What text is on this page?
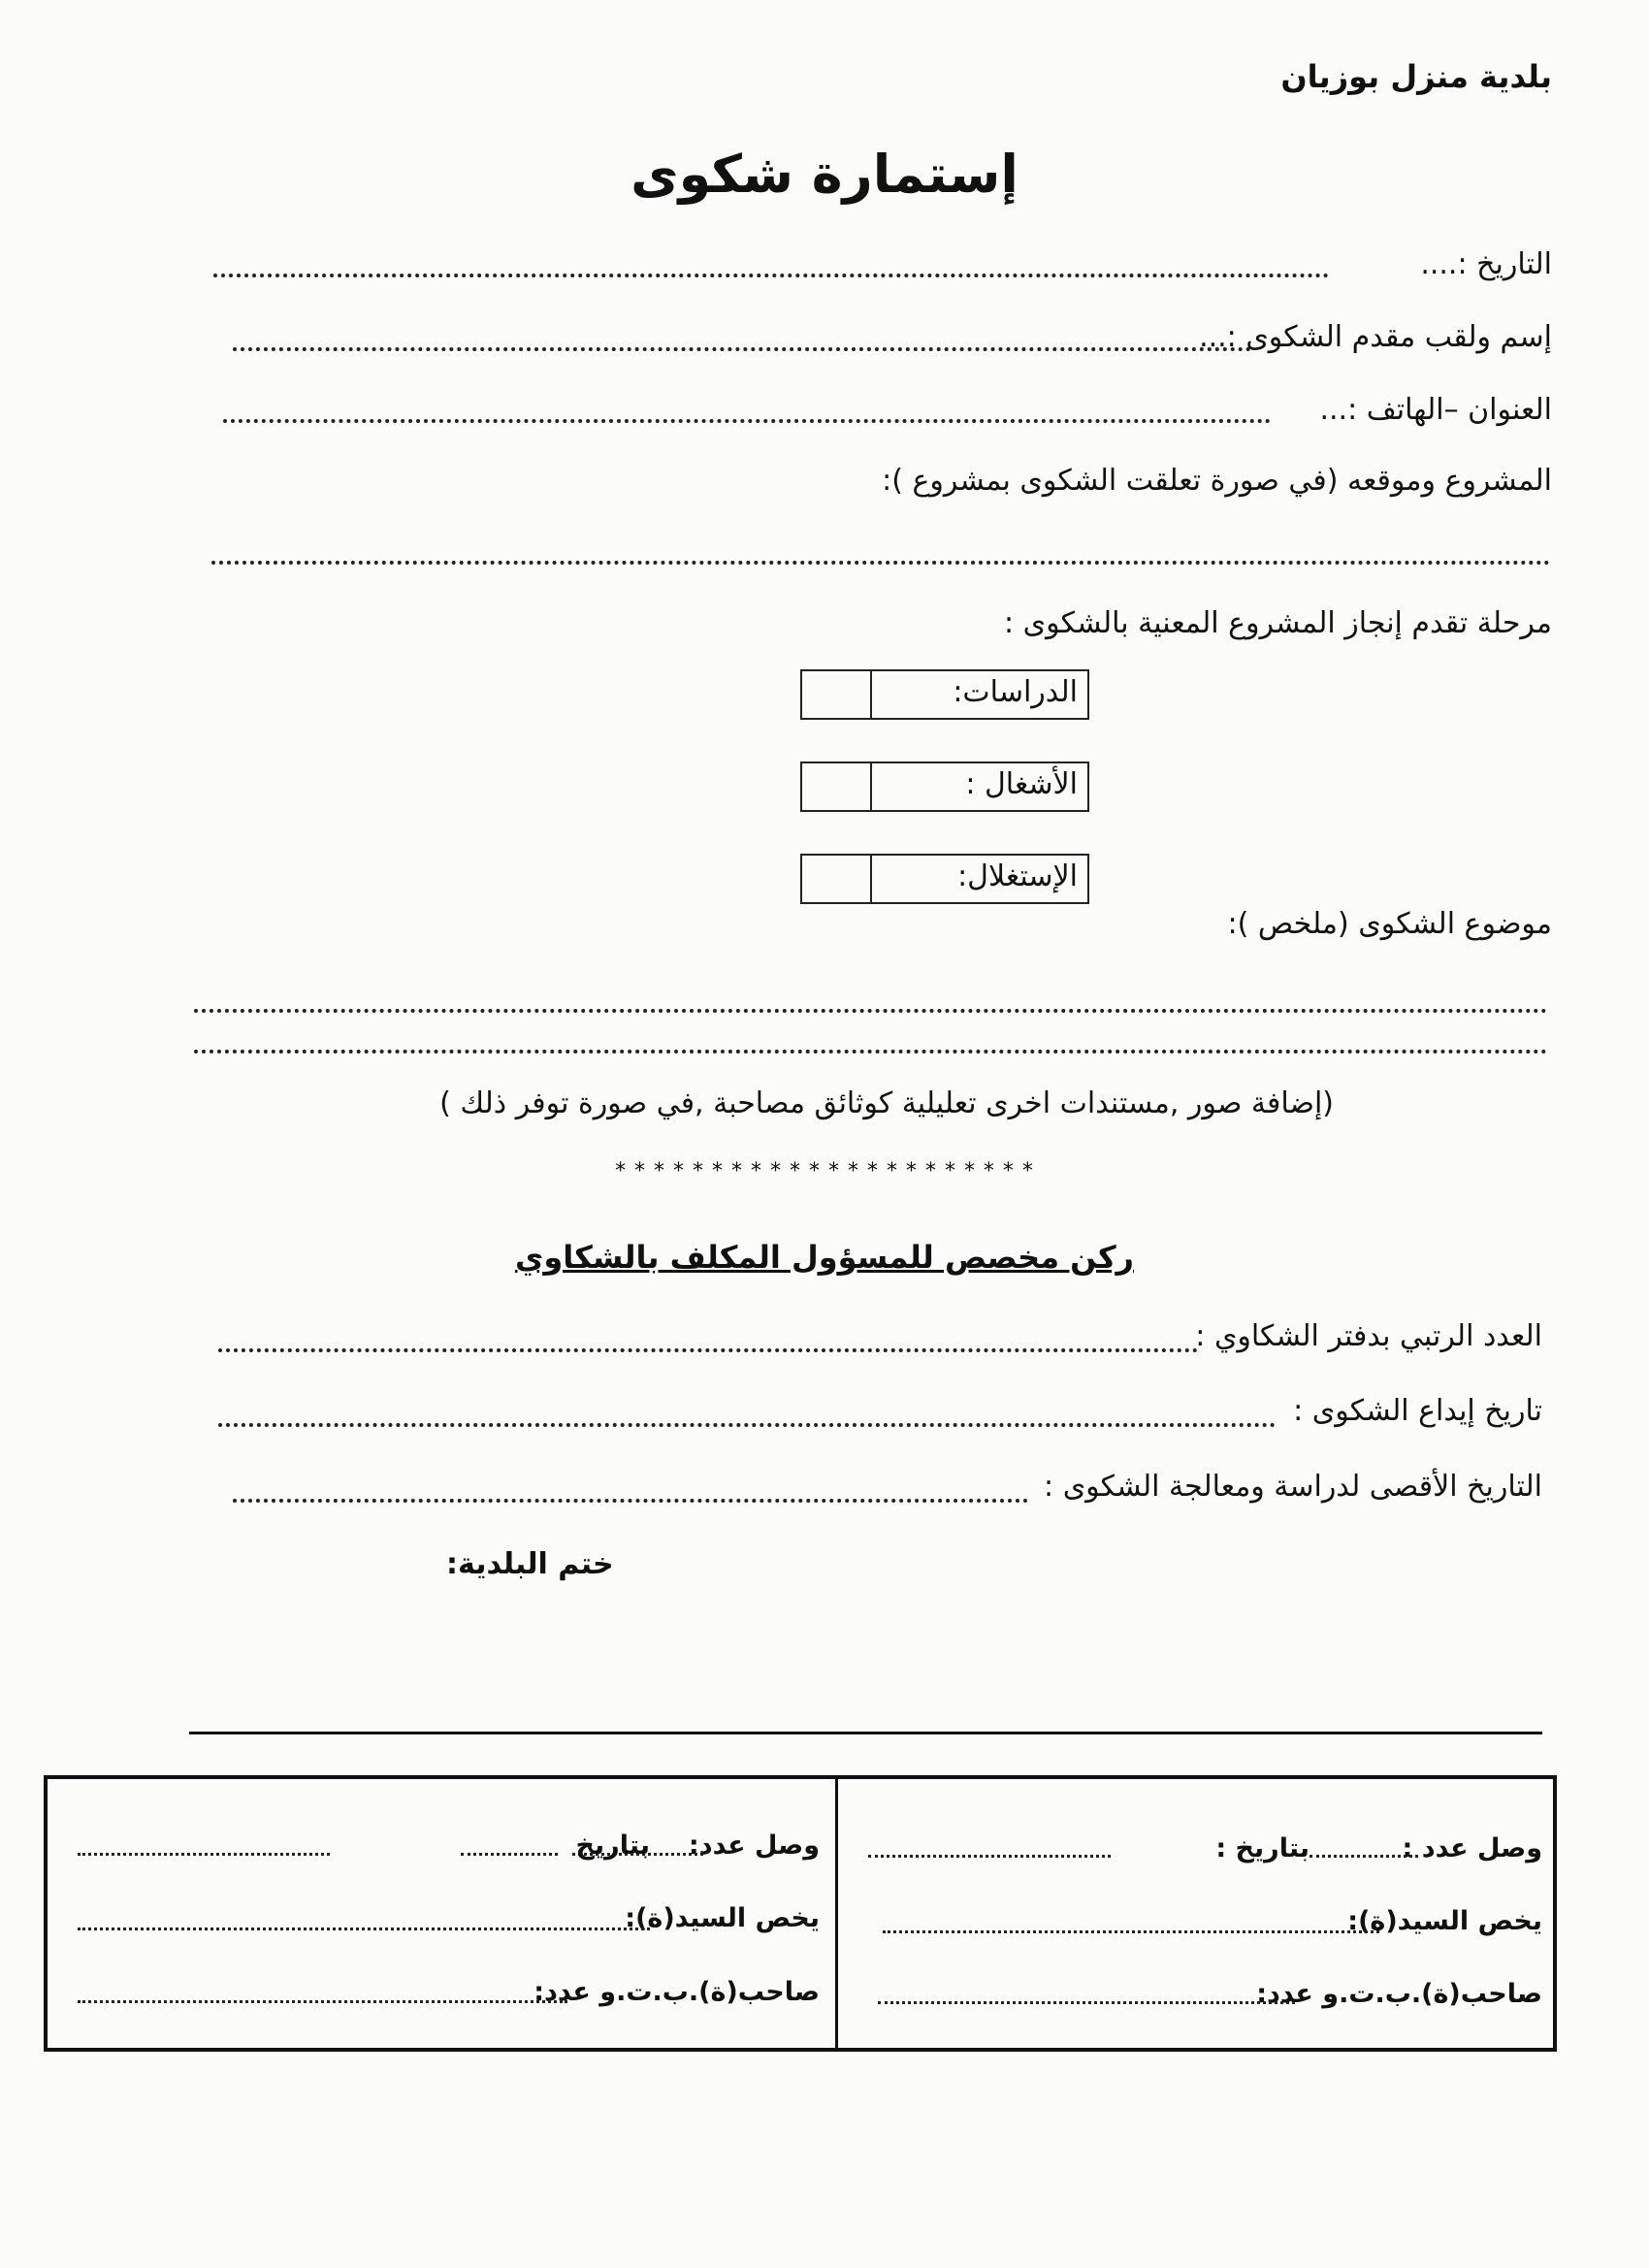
بلدية منزل بوزيان
إستمارة شكوى
التاريخ :....
إسم ولقب مقدم الشكوى :...
العنوان –الهاتف :...
المشروع وموقعه (في صورة تعلقت الشكوى بمشروع ):
مرحلة تقدم إنجاز المشروع المعنية بالشكوى :
الدراسات:
الأشغال :
الإستغلال:
موضوع الشكوى (ملخص ):
(إضافة صور ,مستندات اخرى تعليلية كوثائق مصاحبة ,في صورة توفر ذلك )
* * * * * * * * * * * * * * * * * * * * * *
ركن مخصص للمسؤول المكلف بالشكاوي
العدد الرتبي بدفتر الشكاوي :
تاريخ إيداع الشكوى :
التاريخ الأقصى لدراسة ومعالجة الشكوى :
ختم البلدية:
وصل عدد :
بتاريخ :
يخص السيد(ة):
صاحب(ة).ب.ت.و عدد:
وصل عدد:
بتاريخ
يخص السيد(ة):
صاحب(ة).ب.ت.و عدد:
